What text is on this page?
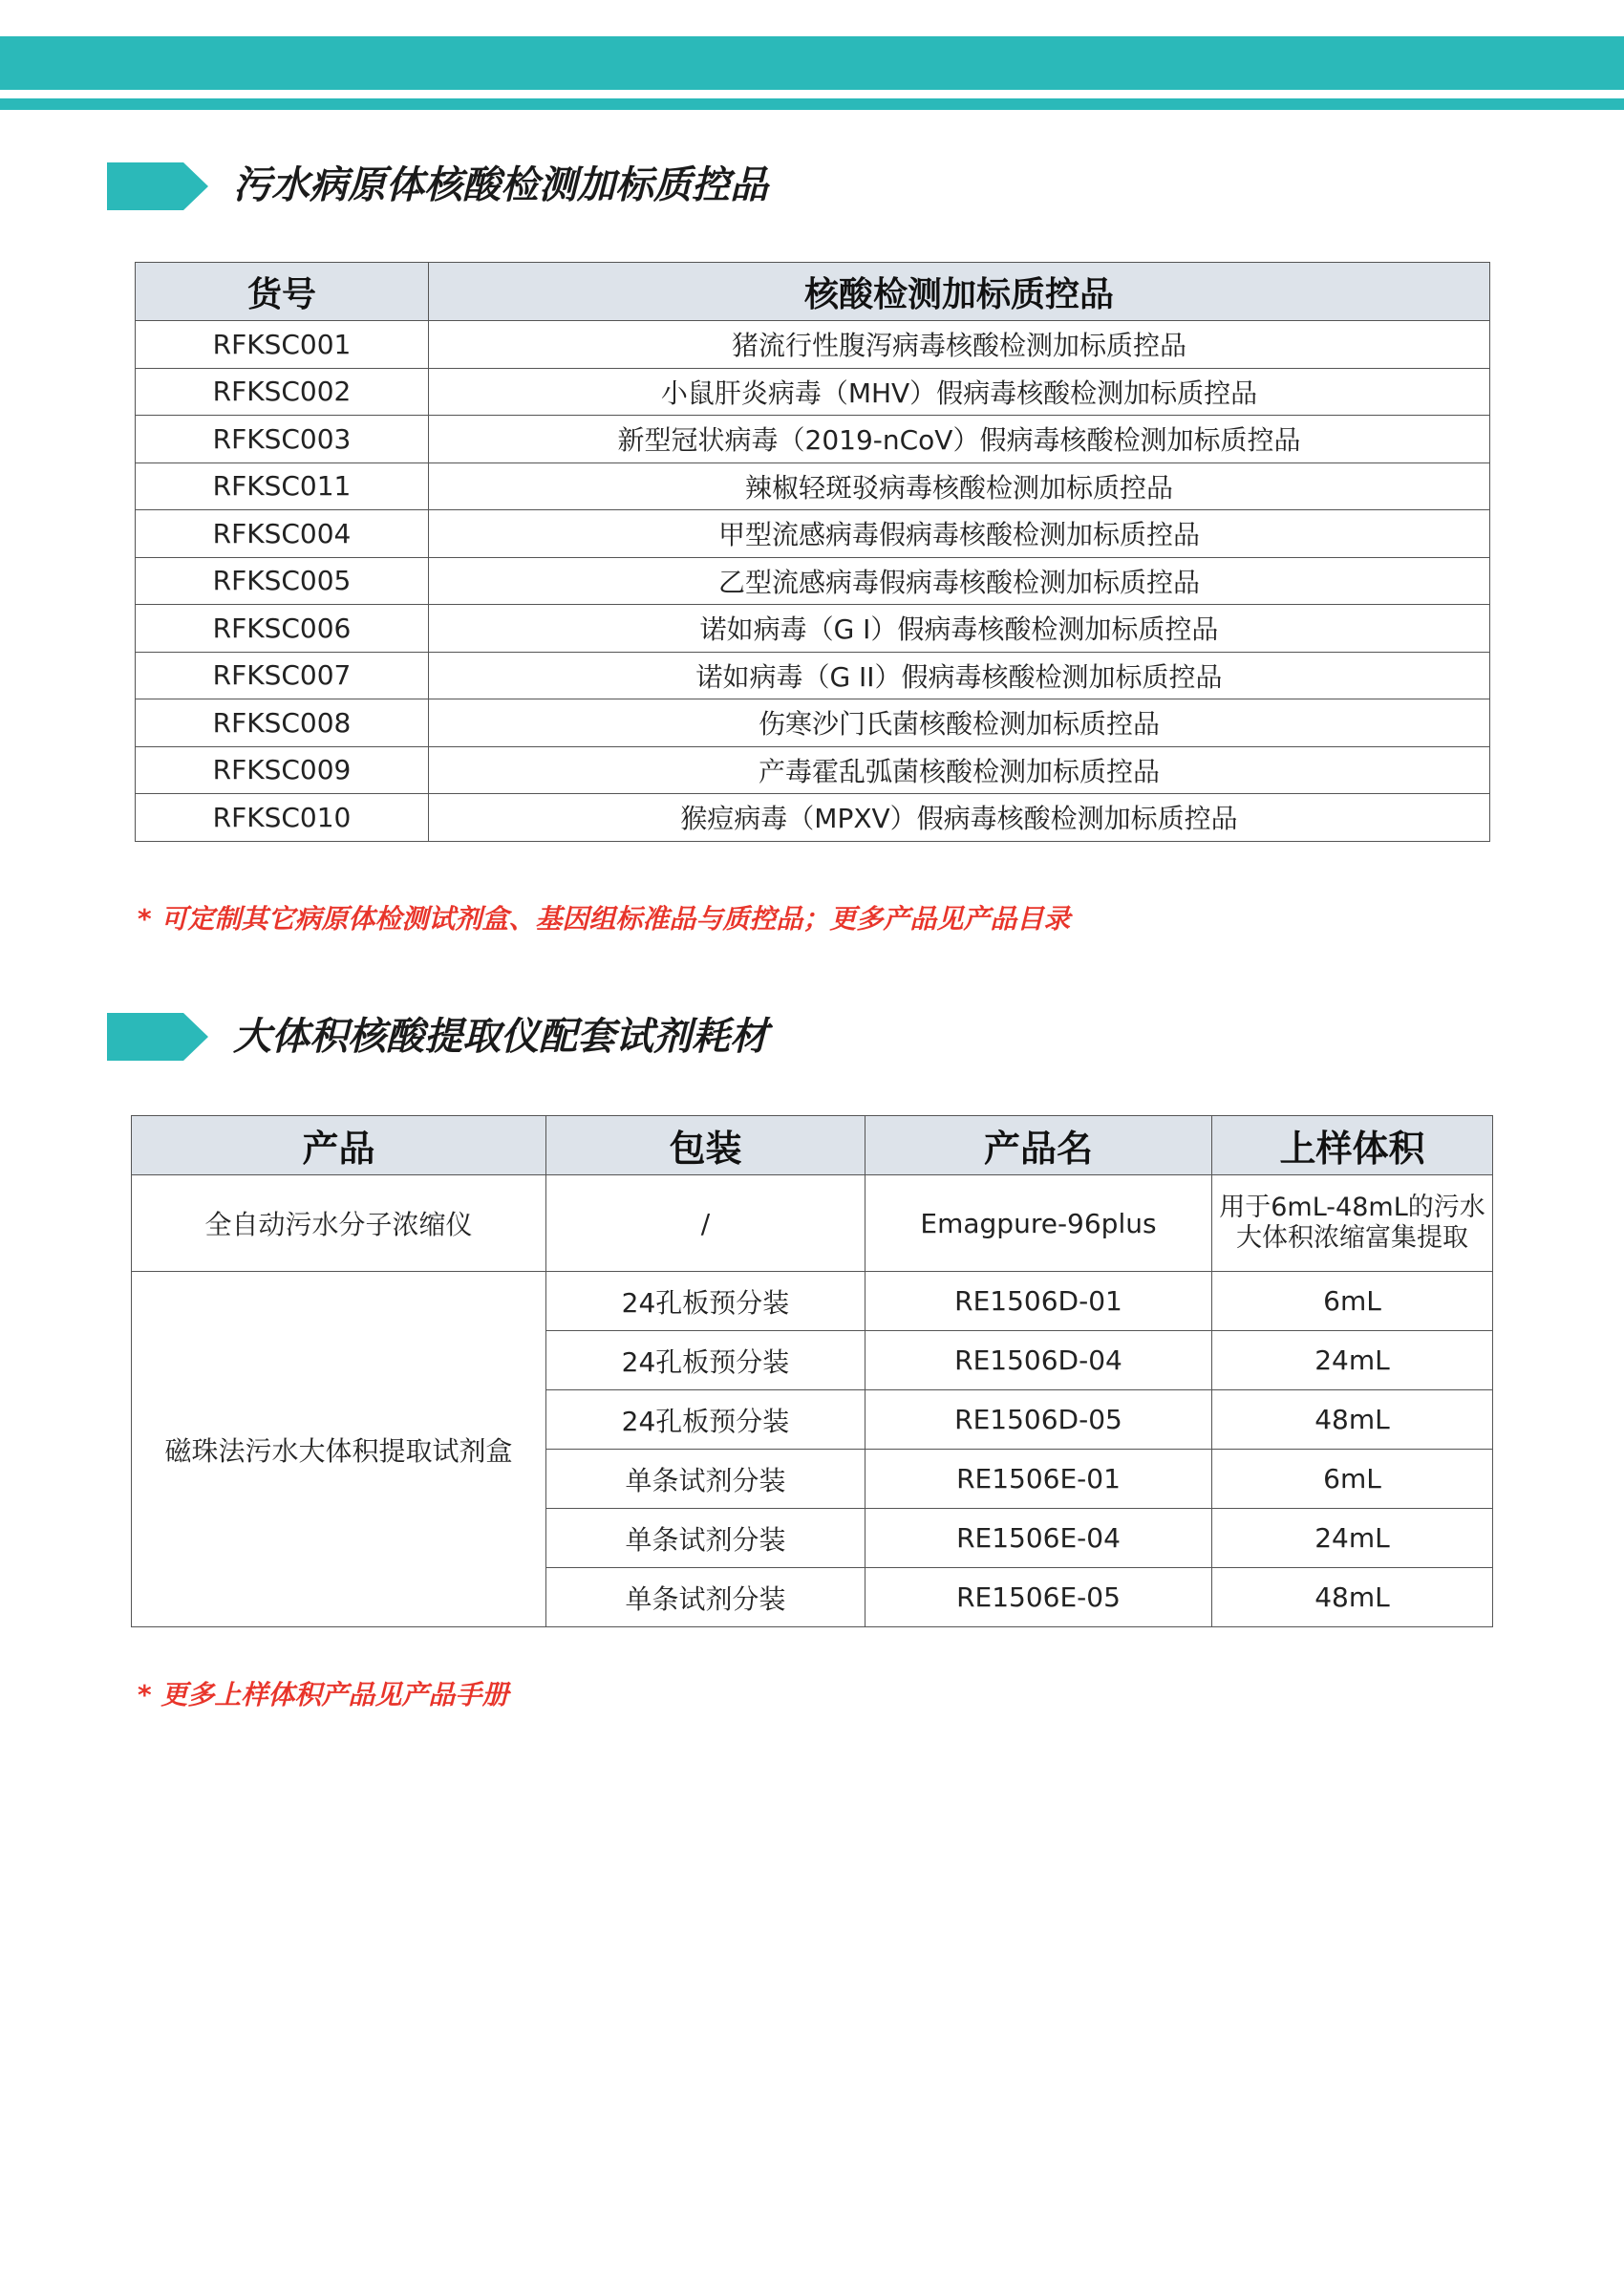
污水病原体核酸检测加标质控品
货号	核酸检测加标质控品
RFKSC001	猪流行性腹泻病毒核酸检测加标质控品
RFKSC002	小鼠肝炎病毒（MHV）假病毒核酸检测加标质控品
RFKSC003	新型冠状病毒（2019-nCoV）假病毒核酸检测加标质控品
RFKSC011	辣椒轻斑驳病毒核酸检测加标质控品
RFKSC004	甲型流感病毒假病毒核酸检测加标质控品
RFKSC005	乙型流感病毒假病毒核酸检测加标质控品
RFKSC006	诺如病毒（G I）假病毒核酸检测加标质控品
RFKSC007	诺如病毒（G II）假病毒核酸检测加标质控品
RFKSC008	伤寒沙门氏菌核酸检测加标质控品
RFKSC009	产毒霍乱弧菌核酸检测加标质控品
RFKSC010	猴痘病毒（MPXV）假病毒核酸检测加标质控品
* 可定制其它病原体检测试剂盒、基因组标准品与质控品；更多产品见产品目录
大体积核酸提取仪配套试剂耗材
产品	包装	产品名	上样体积
全自动污水分子浓缩仪	/	Emagpure-96plus	用于6mL-48mL的污水
大体积浓缩富集提取

磁珠法污水大体积提取试剂盒	24孔板预分装	RE1506D-01	6mL
	24孔板预分装	RE1506D-04	24mL
	24孔板预分装	RE1506D-05	48mL
	单条试剂分装	RE1506E-01	6mL
	单条试剂分装	RE1506E-04	24mL
	单条试剂分装	RE1506E-05	48mL
* 更多上样体积产品见产品手册
